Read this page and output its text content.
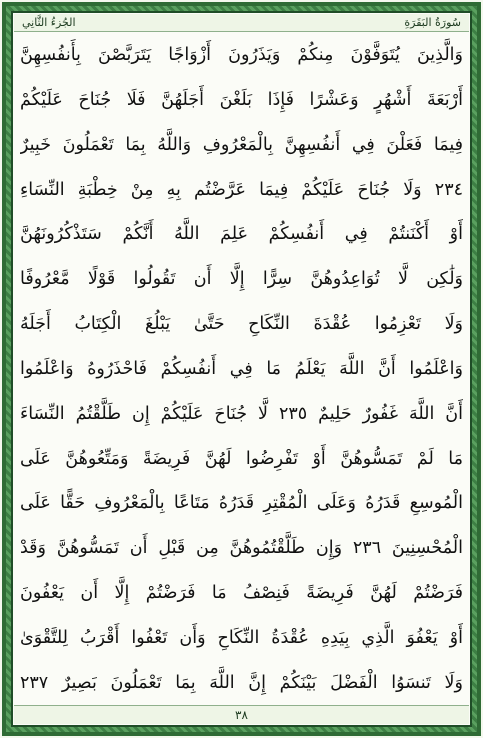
الجُزءُ الثَّانِي	سُورَةُ البَقَرَةِ
وَالَّذِينَ يُتَوَفَّوْنَ مِنكُمْ وَيَذَرُونَ أَزْوَاجًا يَتَرَبَّصْنَ بِأَنفُسِهِنَّ
أَرْبَعَةَ أَشْهُرٍ وَعَشْرًا فَإِذَا بَلَغْنَ أَجَلَهُنَّ فَلَا جُنَاحَ عَلَيْكُمْ
فِيمَا فَعَلْنَ فِي أَنفُسِهِنَّ بِالْمَعْرُوفِ وَاللَّهُ بِمَا تَعْمَلُونَ خَبِيرٌ
٢٣٤ وَلَا جُنَاحَ عَلَيْكُمْ فِيمَا عَرَّضْتُم بِهِ مِنْ خِطْبَةِ النِّسَاءِ
أَوْ أَكْنَنتُمْ فِي أَنفُسِكُمْ عَلِمَ اللَّهُ أَنَّكُمْ سَتَذْكُرُونَهُنَّ
وَلَٰكِن لَّا تُوَاعِدُوهُنَّ سِرًّا إِلَّا أَن تَقُولُوا قَوْلًا مَّعْرُوفًا
وَلَا تَعْزِمُوا عُقْدَةَ النِّكَاحِ حَتَّىٰ يَبْلُغَ الْكِتَابُ أَجَلَهُ
وَاعْلَمُوا أَنَّ اللَّهَ يَعْلَمُ مَا فِي أَنفُسِكُمْ فَاحْذَرُوهُ وَاعْلَمُوا
أَنَّ اللَّهَ غَفُورٌ حَلِيمٌ ٢٣٥ لَّا جُنَاحَ عَلَيْكُمْ إِن طَلَّقْتُمُ النِّسَاءَ
مَا لَمْ تَمَسُّوهُنَّ أَوْ تَفْرِضُوا لَهُنَّ فَرِيضَةً وَمَتِّعُوهُنَّ عَلَى
الْمُوسِعِ قَدَرُهُ وَعَلَى الْمُقْتِرِ قَدَرُهُ مَتَاعًا بِالْمَعْرُوفِ حَقًّا عَلَى
الْمُحْسِنِينَ ٢٣٦ وَإِن طَلَّقْتُمُوهُنَّ مِن قَبْلِ أَن تَمَسُّوهُنَّ وَقَدْ
فَرَضْتُمْ لَهُنَّ فَرِيضَةً فَنِصْفُ مَا فَرَضْتُمْ إِلَّا أَن يَعْفُونَ
أَوْ يَعْفُوَ الَّذِي بِيَدِهِ عُقْدَةُ النِّكَاحِ وَأَن تَعْفُوا أَقْرَبُ لِلتَّقْوَىٰ
وَلَا تَنسَوُا الْفَضْلَ بَيْنَكُمْ إِنَّ اللَّهَ بِمَا تَعْمَلُونَ بَصِيرٌ ٢٣٧
٣٨
